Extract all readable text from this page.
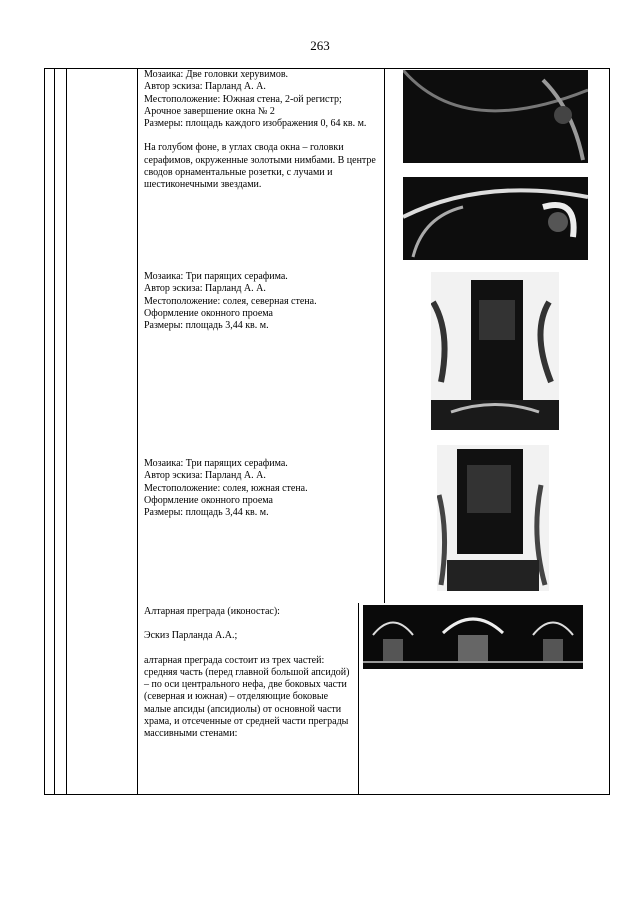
263

Мозаика: Две головки херувимов.

Автор эскиза: Парланд А. А.

Местоположение: Южная стена, 2-ой регистр;

Арочное завершение окна № 2

Размеры: площадь каждого изображения 0, 64 кв. м.

На голубом фоне, в углах свода окна – головки серафимов, окруженные золотыми нимбами. В центре сводов орнаментальные розетки, с лучами и шестиконечными звездами.

Мозаика: Три парящих серафима.

Автор эскиза: Парланд А. А.

Местоположение: солея, северная стена.

Оформление оконного проема

Размеры: площадь 3,44 кв. м.

Мозаика: Три парящих серафима.

Автор эскиза: Парланд А. А.

Местоположение: солея, южная стена.

Оформление оконного проема

Размеры: площадь 3,44 кв. м.

Алтарная преграда (иконостас):

Эскиз Парланда А.А.;

алтарная преграда состоит из трех частей: средняя часть (перед главной большой апсидой) – по оси центрального нефа, две боковых части (северная и южная) – отделяющие боковые малые апсиды (апсидиолы) от основной части храма, и отсеченные от средней части преграды массивными стенами:
